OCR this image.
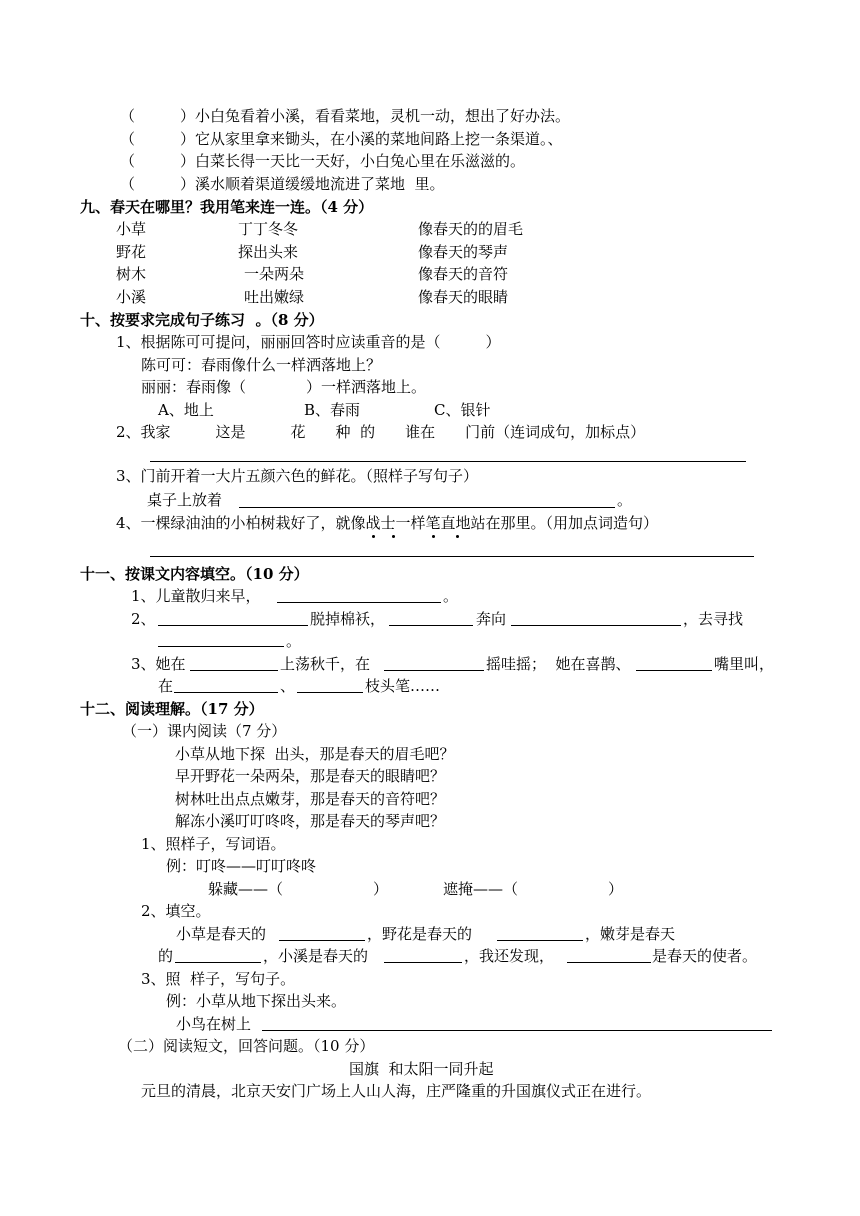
（　　　）小白兔看着小溪，看看菜地，灵机一动，想出了好办法。
（　　　）它从家里拿来锄头，在小溪的菜地间路上挖一条渠道。、
（　　　）白菜长得一天比一天好，小白兔心里在乐滋滋的。
（　　　）溪水顺着渠道缓缓地流进了菜地  里。
九、春天在哪里？我用笔来连一连。（4 分）
小草	丁丁冬冬	像春天的的眉毛
野花	探出头来	像春天的琴声
树木	一朵两朵	像春天的音符
小溪	吐出嫩绿	像春天的眼睛
十、按要求完成句子练习  。（8 分）
1、根据陈可可提问，丽丽回答时应读重音的是（　　　）
陈可可：春雨像什么一样洒落地上？
丽丽：春雨像（　　　　）一样洒落地上。
A、地上	B、春雨	C、银针
2、我家　　　这是　　　花　　种  的　　谁在　　门前（连词成句，加标点）
3、门前开着一大片五颜六色的鲜花。（照样子写句子）
桌子上放着	。
4、一棵绿油油的小柏树栽好了，就像战士一样笔直地站在那里。（用加点词造句）
十一、按课文内容填空。（10 分）
1、儿童散归来早，	。
2、	脱掉棉袄，	奔向	，去寻找
。
3、她在	上荡秋千，在	摇哇摇；  她在喜鹊、	嘴里叫，
在	、	枝头笔……
十二、阅读理解。（17 分）
（一）课内阅读（7 分）
小草从地下探  出头，那是春天的眉毛吧？
早开野花一朵两朵，那是春天的眼睛吧？
树林吐出点点嫩芽，那是春天的音符吧？
解冻小溪叮叮咚咚，那是春天的琴声吧？
1、照样子，写词语。
例：叮咚——叮叮咚咚
躲藏——（　　　　　　）	遮掩——（　　　　　　）
2、填空。
小草是春天的	，野花是春天的	，嫩芽是春天
的	，小溪是春天的	，我还发现，	是春天的使者。
3、照  样子，写句子。
例：小草从地下探出头来。
小鸟在树上
（二）阅读短文，回答问题。（10 分）
国旗  和太阳一同升起
元旦的清晨，北京天安门广场上人山人海，庄严隆重的升国旗仪式正在进行。
